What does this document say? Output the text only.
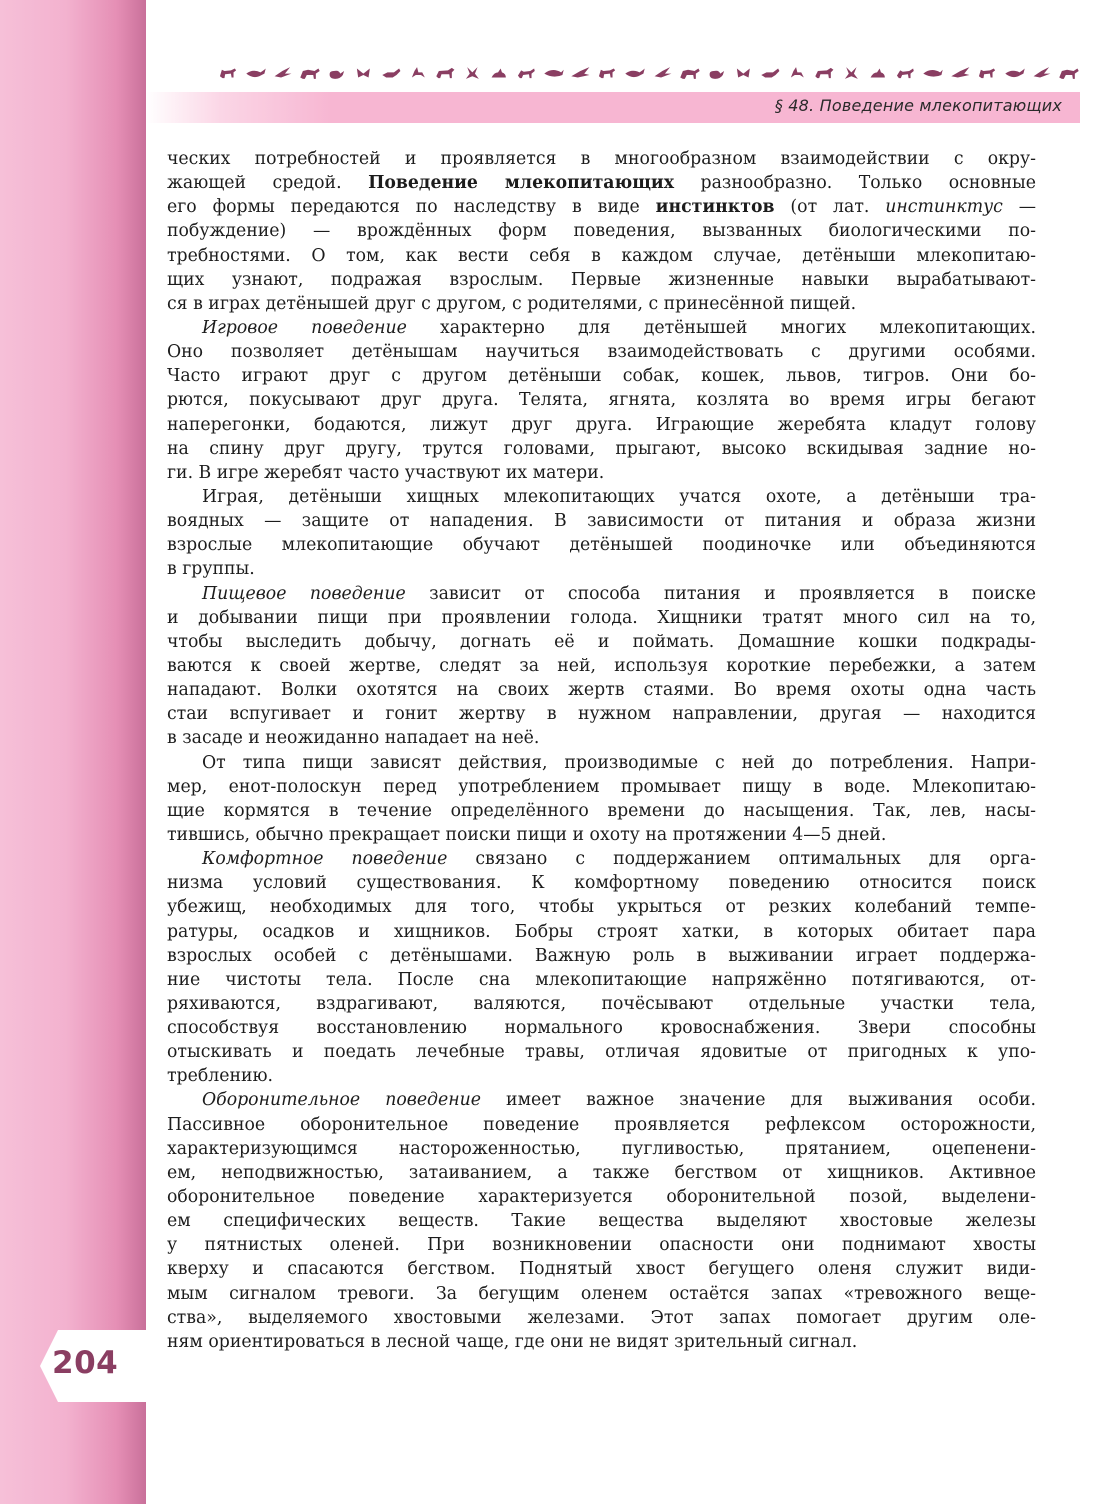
§ 48. Поведение млекопитающих
204
ческих потребностей и проявляется в многообразном взаимодействии с окру-
жающей средой. Поведение млекопитающих разнообразно. Только основные
его формы передаются по наследству в виде инстинктов (от лат. инстинктус —
побуждение) — врождённых форм поведения, вызванных биологическими по-
требностями. О том, как вести себя в каждом случае, детёныши млекопитаю-
щих узнают, подражая взрослым. Первые жизненные навыки вырабатывают-
ся в играх детёнышей друг с другом, с родителями, с принесённой пищей.
Игровое поведение характерно для детёнышей многих млекопитающих.
Оно позволяет детёнышам научиться взаимодействовать с другими особями.
Часто играют друг с другом детёныши собак, кошек, львов, тигров. Они бо-
рются, покусывают друг друга. Телята, ягнята, козлята во время игры бегают
наперегонки, бодаются, лижут друг друга. Играющие жеребята кладут голову
на спину друг другу, трутся головами, прыгают, высоко вскидывая задние но-
ги. В игре жеребят часто участвуют их матери.
Играя, детёныши хищных млекопитающих учатся охоте, а детёныши тра-
воядных — защите от нападения. В зависимости от питания и образа жизни
взрослые млекопитающие обучают детёнышей поодиночке или объединяются
в группы.
Пищевое поведение зависит от способа питания и проявляется в поиске
и добывании пищи при проявлении голода. Хищники тратят много сил на то,
чтобы выследить добычу, догнать её и поймать. Домашние кошки подкрады-
ваются к своей жертве, следят за ней, используя короткие перебежки, а затем
нападают. Волки охотятся на своих жертв стаями. Во время охоты одна часть
стаи вспугивает и гонит жертву в нужном направлении, другая — находится
в засаде и неожиданно нападает на неё.
От типа пищи зависят действия, производимые с ней до потребления. Напри-
мер, енот-полоскун перед употреблением промывает пищу в воде. Млекопитаю-
щие кормятся в течение определённого времени до насыщения. Так, лев, насы-
тившись, обычно прекращает поиски пищи и охоту на протяжении 4—5 дней.
Комфортное поведение связано с поддержанием оптимальных для орга-
низма условий существования. К комфортному поведению относится поиск
убежищ, необходимых для того, чтобы укрыться от резких колебаний темпе-
ратуры, осадков и хищников. Бобры строят хатки, в которых обитает пара
взрослых особей с детёнышами. Важную роль в выживании играет поддержа-
ние чистоты тела. После сна млекопитающие напряжённо потягиваются, от-
ряхиваются, вздрагивают, валяются, почёсывают отдельные участки тела,
способствуя восстановлению нормального кровоснабжения. Звери способны
отыскивать и поедать лечебные травы, отличая ядовитые от пригодных к упо-
треблению.
Оборонительное поведение имеет важное значение для выживания особи.
Пассивное оборонительное поведение проявляется рефлексом осторожности,
характеризующимся настороженностью, пугливостью, прятанием, оцепенени-
ем, неподвижностью, затаиванием, а также бегством от хищников. Активное
оборонительное поведение характеризуется оборонительной позой, выделени-
ем специфических веществ. Такие вещества выделяют хвостовые железы
у пятнистых оленей. При возникновении опасности они поднимают хвосты
кверху и спасаются бегством. Поднятый хвост бегущего оленя служит види-
мым сигналом тревоги. За бегущим оленем остаётся запах «тревожного веще-
ства», выделяемого хвостовыми железами. Этот запах помогает другим оле-
ням ориентироваться в лесной чаще, где они не видят зрительный сигнал.
